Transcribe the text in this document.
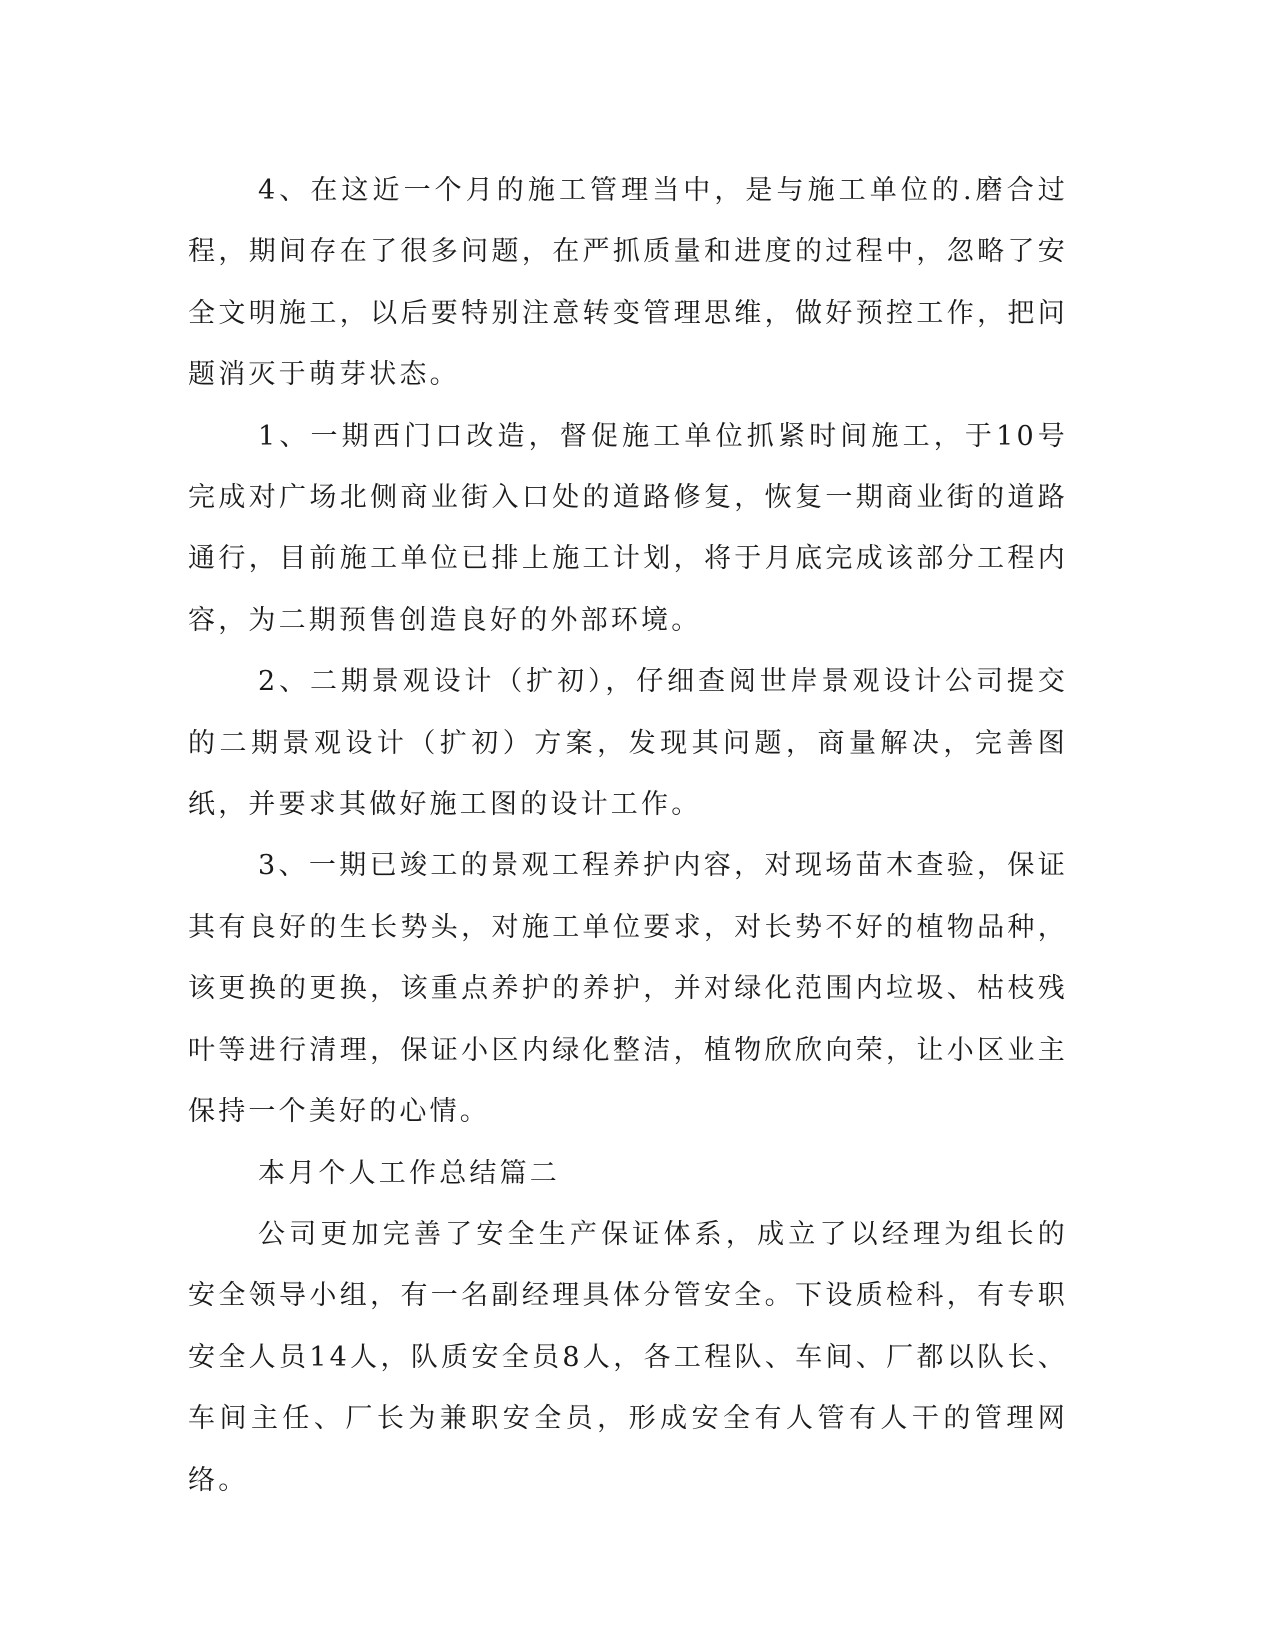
4、在这近一个月的施工管理当中，是与施工单位的.磨合过程，期间存在了很多问题，在严抓质量和进度的过程中，忽略了安全文明施工，以后要特别注意转变管理思维，做好预控工作，把问题消灭于萌芽状态。

1、一期西门口改造，督促施工单位抓紧时间施工，于10号完成对广场北侧商业街入口处的道路修复，恢复一期商业街的道路通行，目前施工单位已排上施工计划，将于月底完成该部分工程内容，为二期预售创造良好的外部环境。

2、二期景观设计（扩初），仔细查阅世岸景观设计公司提交的二期景观设计（扩初）方案，发现其问题，商量解决，完善图纸，并要求其做好施工图的设计工作。

3、一期已竣工的景观工程养护内容，对现场苗木查验，保证其有良好的生长势头，对施工单位要求，对长势不好的植物品种，该更换的更换，该重点养护的养护，并对绿化范围内垃圾、枯枝残叶等进行清理，保证小区内绿化整洁，植物欣欣向荣，让小区业主保持一个美好的心情。

本月个人工作总结篇二

公司更加完善了安全生产保证体系，成立了以经理为组长的安全领导小组，有一名副经理具体分管安全。下设质检科，有专职安全人员14人，队质安全员8人，各工程队、车间、厂都以队长、车间主任、厂长为兼职安全员，形成安全有人管有人干的管理网络。
